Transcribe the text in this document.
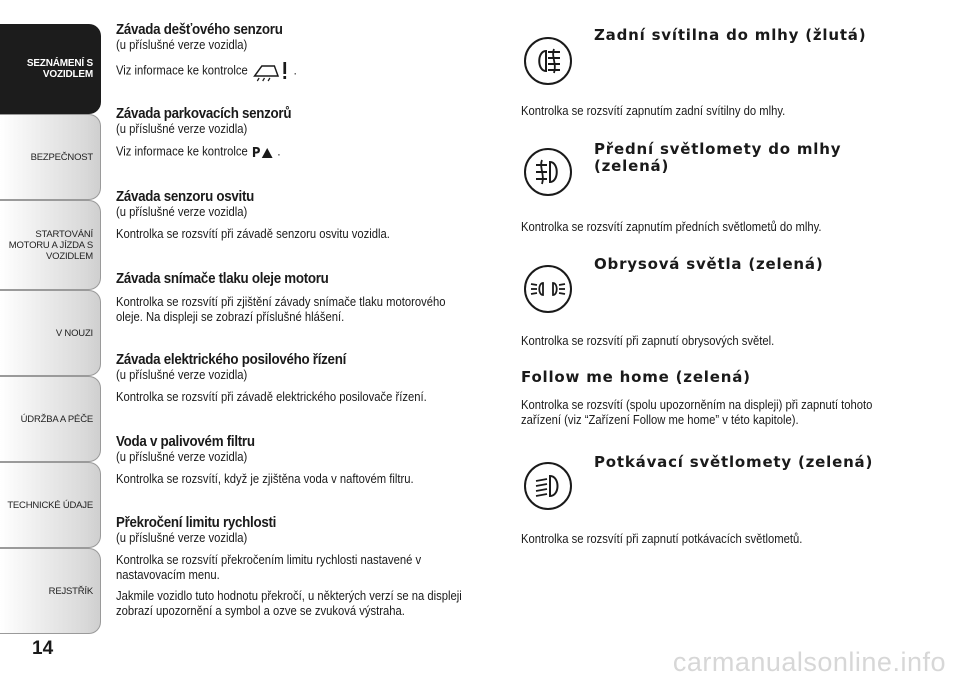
SEZNÁMENÍ S
VOZIDLEM
BEZPEČNOST
STARTOVÁNÍ
MOTORU A JÍZDA S
VOZIDLEM
V NOUZI
ÚDRŽBA A PÉČE
TECHNICKÉ ÚDAJE
REJSTŘÍK
14

Závada dešťového senzoru

(u příslušné verze vozidla)

Viz informace ke kontrolce	.

Závada parkovacích senzorů

(u příslušné verze vozidla)

Viz informace ke kontrolce P .

Závada senzoru osvitu

(u příslušné verze vozidla)

Kontrolka se rozsvítí při závadě senzoru osvitu vozidla.

Závada snímače tlaku oleje motoru

Kontrolka se rozsvítí při zjištění závady snímače tlaku motorového

oleje. Na displeji se zobrazí příslušné hlášení.

Závada elektrického posilového řízení

(u příslušné verze vozidla)

Kontrolka se rozsvítí při závadě elektrického posilovače řízení.

Voda v palivovém filtru

(u příslušné verze vozidla)

Kontrolka se rozsvítí, když je zjištěna voda v naftovém filtru.

Překročení limitu rychlosti

(u příslušné verze vozidla)

Kontrolka se rozsvítí překročením limitu rychlosti nastavené v

nastavovacím menu.

Jakmile vozidlo tuto hodnotu překročí, u některých verzí se na displeji

zobrazí upozornění a symbol a ozve se zvuková výstraha.

Zadní svítilna do mlhy (žlutá)

Kontrolka se rozsvítí zapnutím zadní svítilny do mlhy.

Přední světlomety do mlhy

(zelená)

Kontrolka se rozsvítí zapnutím předních světlometů do mlhy.

Obrysová světla (zelená)

Kontrolka se rozsvítí při zapnutí obrysových světel.

Follow me home (zelená)

Kontrolka se rozsvítí (spolu upozorněním na displeji) při zapnutí tohoto

zařízení (viz “Zařízení Follow me home” v této kapitole).

Potkávací světlomety (zelená)

Kontrolka se rozsvítí při zapnutí potkávacích světlometů.

carmanualsonline.info
